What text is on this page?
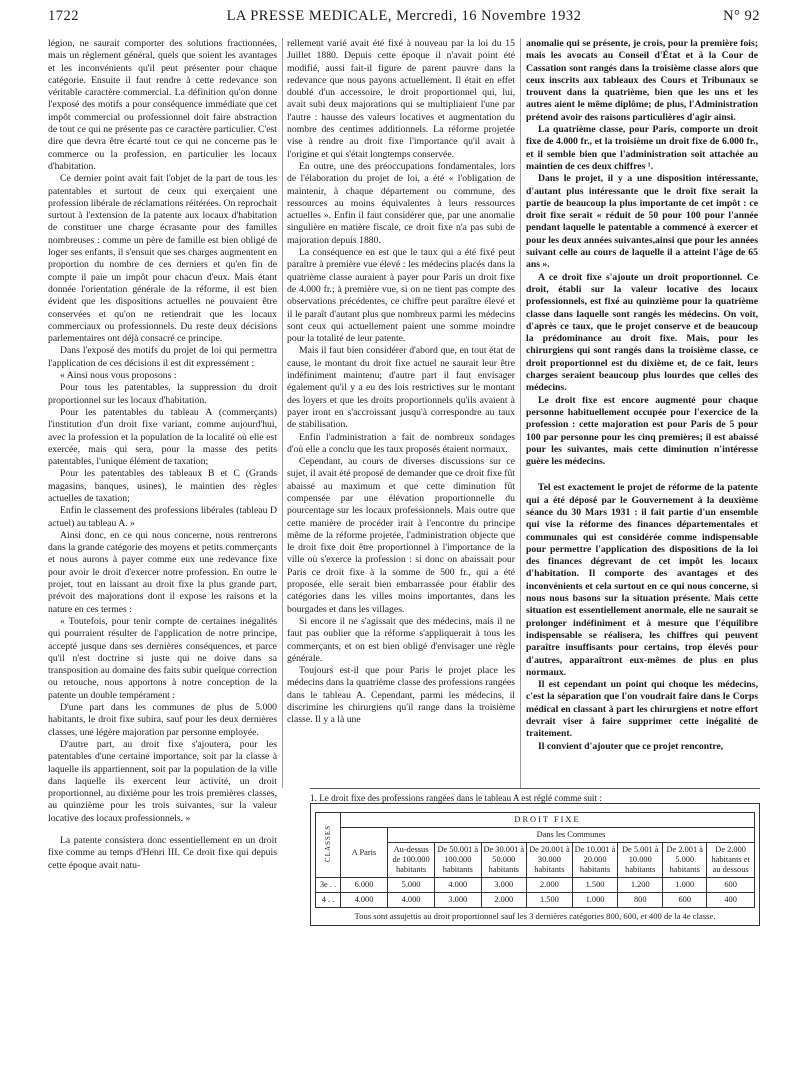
1722	LA PRESSE MEDICALE, Mercredi, 16 Novembre 1932	N° 92

légion, ne saurait comporter des solutions fractionnées, mais un règlement général, quels que soient les avantages et les inconvénients qu'il peut présenter pour chaque catégorie. Ensuite il faut rendre à cette redevance son véritable caractère commercial. La définition qu'on donne l'exposé des motifs a pour conséquence immédiate que cet impôt commercial ou professionnel doit faire abstraction de tout ce qui ne présente pas ce caractère particulier. C'est dire que devra être écarté tout ce qui ne concerne pas le commerce ou la profession, en particulier les locaux d'habitation.

Ce dernier point avait fait l'objet de la part de tous les patentables et surtout de ceux qui exerçaient une profession libérale de réclamations réitérées. On reprochait surtout à l'extension de la patente aux locaux d'habitation de constituer une charge écrasante pour des familles nombreuses : comme un père de famille est bien obligé de loger ses enfants, il s'ensuit que ses charges augmentent en proportion du nombre de ces derniers et qu'en fin de compte il paie un impôt pour chacun d'eux. Mais étant donnée l'orientation générale de la réforme, il est bien évident que les dispositions actuelles ne pouvaient être conservées et qu'on ne retiendrait que les locaux commerciaux ou professionnels. Du reste deux décisions parlementaires ont déjà consacré ce principe.

Dans l'exposé des motifs du projet de loi qui permettra l'application de ces décisions il est dit expressément :

« Ainsi nous vous proposons :

Pour tous les patentables, la suppression du droit proportionnel sur les locaux d'habitation.

Pour les patentables du tableau A (commerçants) l'institution d'un droit fixe variant, comme aujourd'hui, avec la profession et la population de la localité où elle est exercée, mais qui sera, pour la masse des petits patentables, l'unique élément de taxation;

Pour les patentables des tableaux B et C (Grands magasins, banques, usines), le maintien des règles actuelles de taxation;

Enfin le classement des professions libérales (tableau D actuel) au tableau A. »

Ainsi donc, en ce qui nous concerne, nous rentrerons dans la grande catégorie des moyens et petits commerçants et nous aurons à payer comme eux une redevance fixe pour avoir le droit d'exercer notre profession. En outre le projet, tout en laissant au droit fixe la plus grande part, prévoit des majorations dont il expose les raisons et la nature en ces termes :

« Toutefois, pour tenir compte de certaines inégalités qui pourraient résulter de l'application de notre principe, accepté jusque dans ses dernières conséquences, et parce qu'il n'est doctrine si juste qui ne doive dans sa transposition au domaine des faits subir quelque correction ou retouche, nous apportons à notre conception de la patente un double tempérament :

D'une part dans les communes de plus de 5.000 habitants, le droit fixe subira, sauf pour les deux dernières classes, une légère majoration par personne employée.

D'autre part, au droit fixe s'ajoutera, pour les patentables d'une certaine importance, soit par la classe à laquelle ils appartiennent, soit par la population de la ville dans laquelle ils exercent leur activité, un droit proportionnel, au dixième pour les trois premières classes, au quinzième pour les trois suivantes, sur la valeur locative des locaux professionnels. »

La patente consistera donc essentiellement en un droit fixe comme au temps d'Henri III. Ce droit fixe qui depuis cette époque avait natu-

rellement varié avait été fixé à nouveau par la loi du 15 Juillet 1880. Depuis cette époque il n'avait point été modifié, aussi fait-il figure de parent pauvre dans la redevance que nous payons actuellement. Il était en effet doublé d'un accessoire, le droit proportionnel qui, lui, avait subi deux majorations qui se multipliaient l'une par l'autre : hausse des valeurs locatives et augmentation du nombre des centimes additionnels. La réforme projetée vise à rendre au droit fixe l'importance qu'il avait à l'origine et qui s'était longtemps conservée.

En outre, une des préoccupations fondamentales, lors de l'élaboration du projet de loi, a été « l'obligation de maintenir, à chaque département ou commune, des ressources au moins équivalentes à leurs ressources actuelles ». Enfin il faut considérer que, par une anomalie singulière en matière fiscale, ce droit fixe n'a pas subi de majoration depuis 1880.

La conséquence en est que le taux qui a été fixé peut paraître à première vue élevé : les médecins placés dans la quatrième classe auraient à payer pour Paris un droit fixe de 4.000 fr.; à première vue, si on ne tient pas compte des observations précédentes, ce chiffre peut paraître élevé et il le paraît d'autant plus que nombreux parmi les médecins sont ceux qui actuellement paient une somme moindre pour la totalité de leur patente.

Mais il faut bien considérer d'abord que, en tout état de cause, le montant du droit fixe actuel ne saurait leur être indéfiniment maintenu; d'autre part il faut envisager également qu'il y a eu des lois restrictives sur le montant des loyers et que les droits proportionnels qu'ils avaient à payer iront en s'accroissant jusqu'à correspondre au taux de stabilisation.

Enfin l'administration a fait de nombreux sondages d'où elle a conclu que les taux proposés étaient normaux.

Cependant, au cours de diverses discussions sur ce sujet, il avait été proposé de demander que ce droit fixe fût abaissé au maximum et que cette diminution fût compensée par une élévation proportionnelle du pourcentage sur les locaux professionnels. Mais outre que cette manière de procéder irait à l'encontre du principe même de la réforme projetée, l'administration objecte que le droit fixe doit être proportionnel à l'importance de la ville où s'exerce la profession : si donc on abaissait pour Paris ce droit fixe à la somme de 500 fr., qui a été proposée, elle serait bien embarrassée pour établir des catégories dans les villes moins importantes, dans les bourgades et dans les villages.

Si encore il ne s'agissait que des médecins, mais il ne faut pas oublier que la réforme s'appliquerait à tous les commerçants, et on est bien obligé d'envisager une règle générale.

Toujours est-il que pour Paris le projet place les médecins dans la quatrième classe des professions rangées dans le tableau A. Cependant, parmi les médecins, il discrimine les chirurgiens qu'il range dans la troisième classe. Il y a là une

anomalie qui se présente, je crois, pour la première fois; mais les avocats au Conseil d'État et à la Cour de Cassation sont rangés dans la troisième classe alors que ceux inscrits aux tableaux des Cours et Tribunaux se trouvent dans la quatrième, bien que les uns et les autres aient le même diplôme; de plus, l'Administration prétend avoir des raisons particulières d'agir ainsi.

La quatrième classe, pour Paris, comporte un droit fixe de 4.000 fr., et la troisième un droit fixe de 6.000 fr., et il semble bien que l'administration soit attachée au maintien de ces deux chiffres ¹.

Dans le projet, il y a une disposition intéressante, d'autant plus intéressante que le droit fixe serait la partie de beaucoup la plus importante de cet impôt : ce droit fixe serait « réduit de 50 pour 100 pour l'année pendant laquelle le patentable a commencé à exercer et pour les deux années suivantes,ainsi que pour les années suivant celle au cours de laquelle il a atteint l'âge de 65 ans ».

A ce droit fixe s'ajoute un droit proportionnel. Ce droit, établi sur la valeur locative des locaux professionnels, est fixé au quinzième pour la quatrième classe dans laquelle sont rangés les médecins. On voit, d'après ce taux, que le projet conserve et de beaucoup la prédominance au droit fixe. Mais, pour les chirurgiens qui sont rangés dans la troisième classe, ce droit proportionnel est du dixième et, de ce fait, leurs charges seraient beaucoup plus lourdes que celles des médecins.

Le droit fixe est encore augmenté pour chaque personne habituellement occupée pour l'exercice de la profession : cette majoration est pour Paris de 5 pour 100 par personne pour les cinq premières; il est abaissé pour les suivantes, mais cette diminution n'intéresse guère les médecins.

Tel est exactement le projet de réforme de la patente qui a été déposé par le Gouvernement à la deuxième séance du 30 Mars 1931 : il fait partie d'un ensemble qui vise la réforme des finances départementales et communales qui est considérée comme indispensable pour permettre l'application des dispositions de la loi des finances dégrevant de cet impôt les locaux d'habitation. Il comporte des avantages et des inconvénients et cela surtout en ce qui nous concerne, si nous nous basons sur la situation présente. Mais cette situation est essentiellement anormale, elle ne saurait se prolonger indéfiniment et à mesure que l'équilibre indispensable se réalisera, les chiffres qui peuvent paraître insuffisants pour certains, trop élevés pour d'autres, apparaîtront eux-mêmes de plus en plus normaux.

Il est cependant un point qui choque les médecins, c'est la séparation que l'on voudrait faire dans le Corps médical en classant à part les chirurgiens et notre effort devrait viser à faire supprimer cette inégalité de traitement.

Il convient d'ajouter que ce projet rencontre,

1. Le droit fixe des professions rangées dans le tableau A est réglé comme suit :
CLASSES	DROIT FIXE								
	A Paris	Dans les Communes							
		Au-dessus de 100.000 habitants	De 50.001 à 100.000 habitants	De 30.001 à 50.000 habitants	De 20.001 à 30.000 habitants	De 10.001 à 20.000 habitants	De 5.001 à 10.000 habitants	De 2.001 à 5.000 habitants	De 2.000 habitants et au dessous
3e . .	6.000	5.000	4.000	3.000	2.000	1.500	1.200	1.000	600
4 . .	4.000	4.000	3.000	2.000	1.500	1.000	800	600	400
Tous sont assujettis au droit proportionnel sauf les 3 dernières catégories 800, 600, et 400 de la 4e classe.
